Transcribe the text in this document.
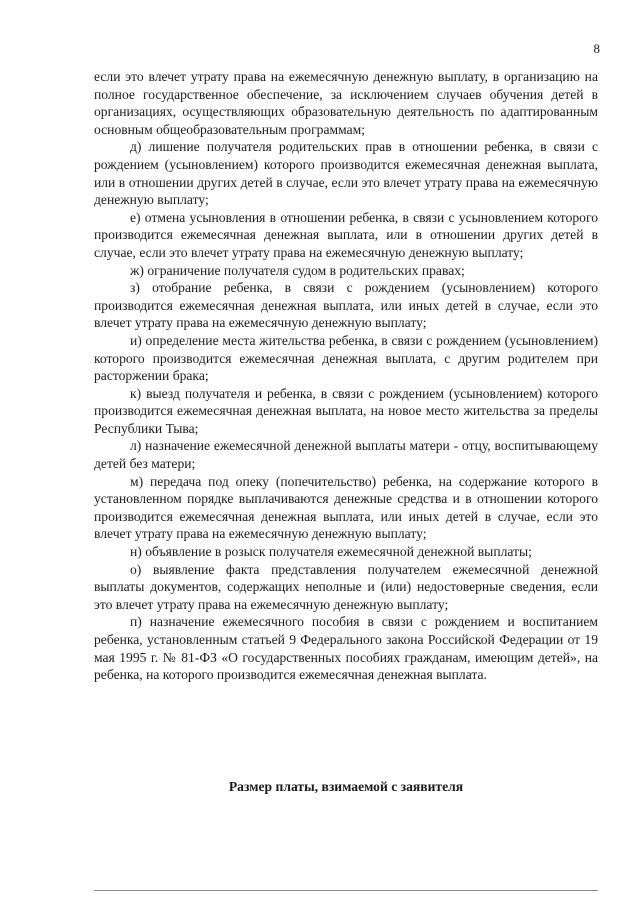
8

если это влечет утрату права на ежемесячную денежную выплату, в организацию на полное государственное обеспечение, за исключением случаев обучения детей в организациях, осуществляющих образовательную деятельность по адаптированным основным общеобразовательным программам;

д) лишение получателя родительских прав в отношении ребенка, в связи с рождением (усыновлением) которого производится ежемесячная денежная выплата, или в отношении других детей в случае, если это влечет утрату права на ежемесячную денежную выплату;

е) отмена усыновления в отношении ребенка, в связи с усыновлением которого производится ежемесячная денежная выплата, или в отношении других детей в случае, если это влечет утрату права на ежемесячную денежную выплату;

ж) ограничение получателя судом в родительских правах;

з) отобрание ребенка, в связи с рождением (усыновлением) которого производится ежемесячная денежная выплата, или иных детей в случае, если это влечет утрату права на ежемесячную денежную выплату;

и) определение места жительства ребенка, в связи с рождением (усыновлением) которого производится ежемесячная денежная выплата, с другим родителем при расторжении брака;

к) выезд получателя и ребенка, в связи с рождением (усыновлением) которого производится ежемесячная денежная выплата, на новое место жительства за пределы Республики Тыва;

л) назначение ежемесячной денежной выплаты матери - отцу, воспитывающему детей без матери;

м) передача под опеку (попечительство) ребенка, на содержание которого в установленном порядке выплачиваются денежные средства и в отношении которого производится ежемесячная денежная выплата, или иных детей в случае, если это влечет утрату права на ежемесячную денежную выплату;

н) объявление в розыск получателя ежемесячной денежной выплаты;

о) выявление факта представления получателем ежемесячной денежной выплаты документов, содержащих неполные и (или) недостоверные сведения, если это влечет утрату права на ежемесячную денежную выплату;

п) назначение ежемесячного пособия в связи с рождением и воспитанием ребенка, установленным статьей 9 Федерального закона Российской Федерации от 19 мая 1995 г. № 81-ФЗ «О государственных пособиях гражданам, имеющим детей», на ребенка, на которого производится ежемесячная денежная выплата.

Размер платы, взимаемой с заявителя
